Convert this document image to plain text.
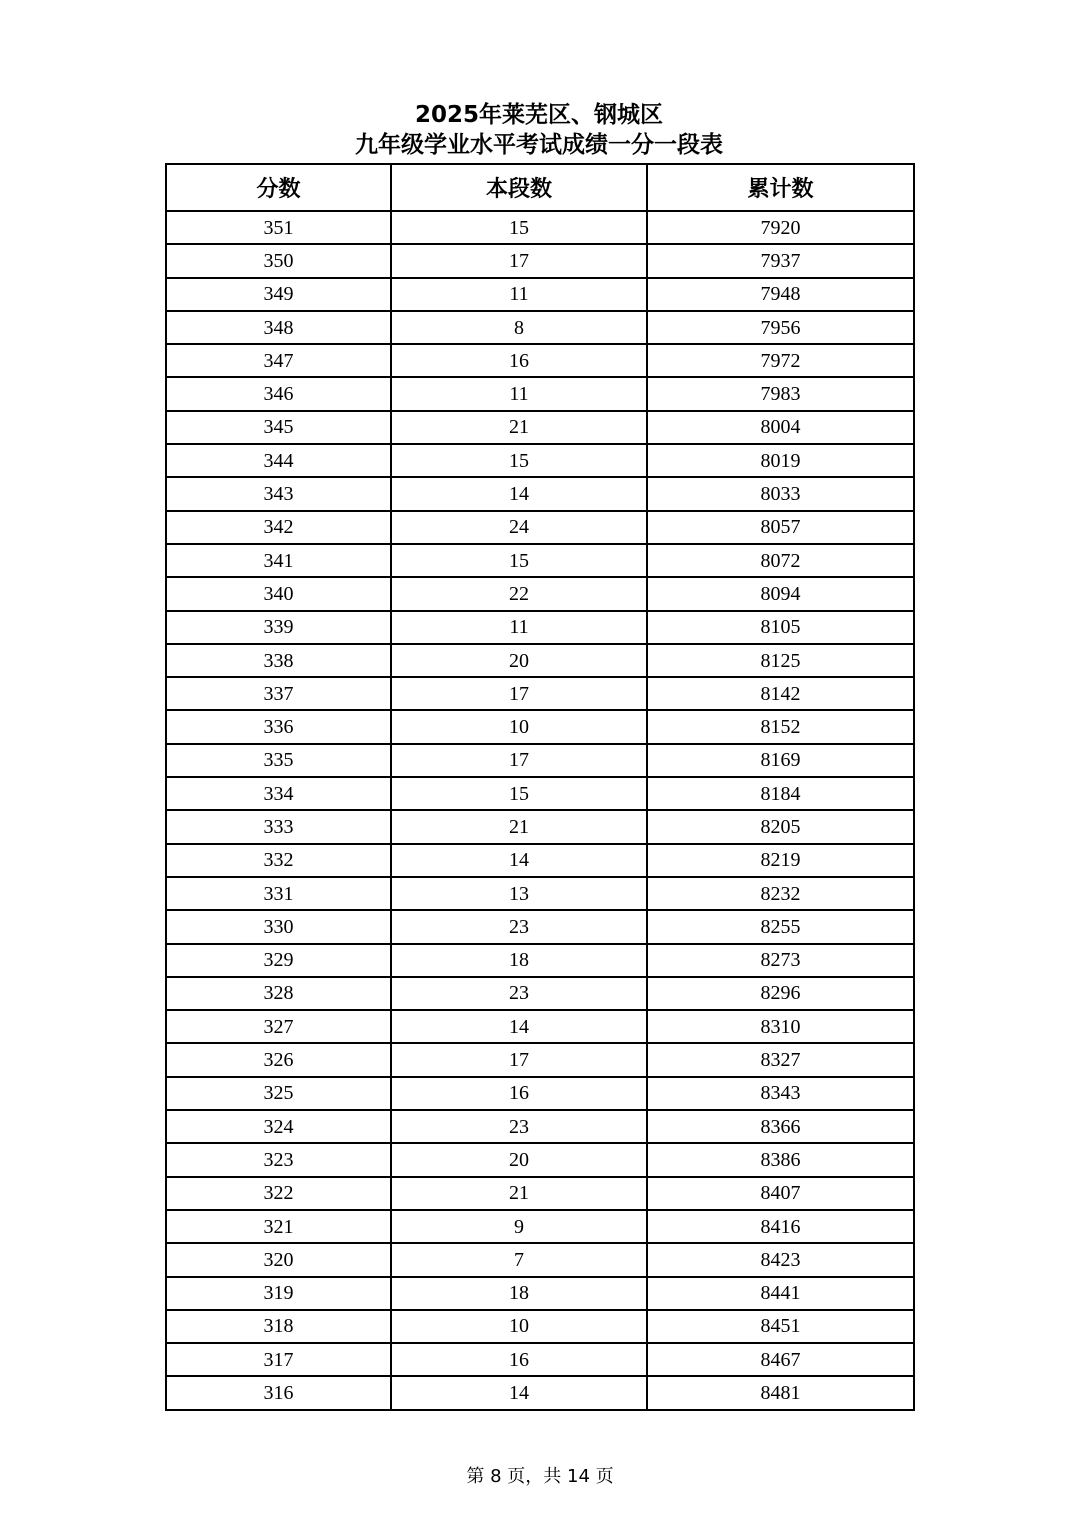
2025年莱芜区、钢城区
九年级学业水平考试成绩一分一段表
分数	本段数	累计数
351	15	7920
350	17	7937
349	11	7948
348	8	7956
347	16	7972
346	11	7983
345	21	8004
344	15	8019
343	14	8033
342	24	8057
341	15	8072
340	22	8094
339	11	8105
338	20	8125
337	17	8142
336	10	8152
335	17	8169
334	15	8184
333	21	8205
332	14	8219
331	13	8232
330	23	8255
329	18	8273
328	23	8296
327	14	8310
326	17	8327
325	16	8343
324	23	8366
323	20	8386
322	21	8407
321	9	8416
320	7	8423
319	18	8441
318	10	8451
317	16	8467
316	14	8481
第 8 页，共 14 页
